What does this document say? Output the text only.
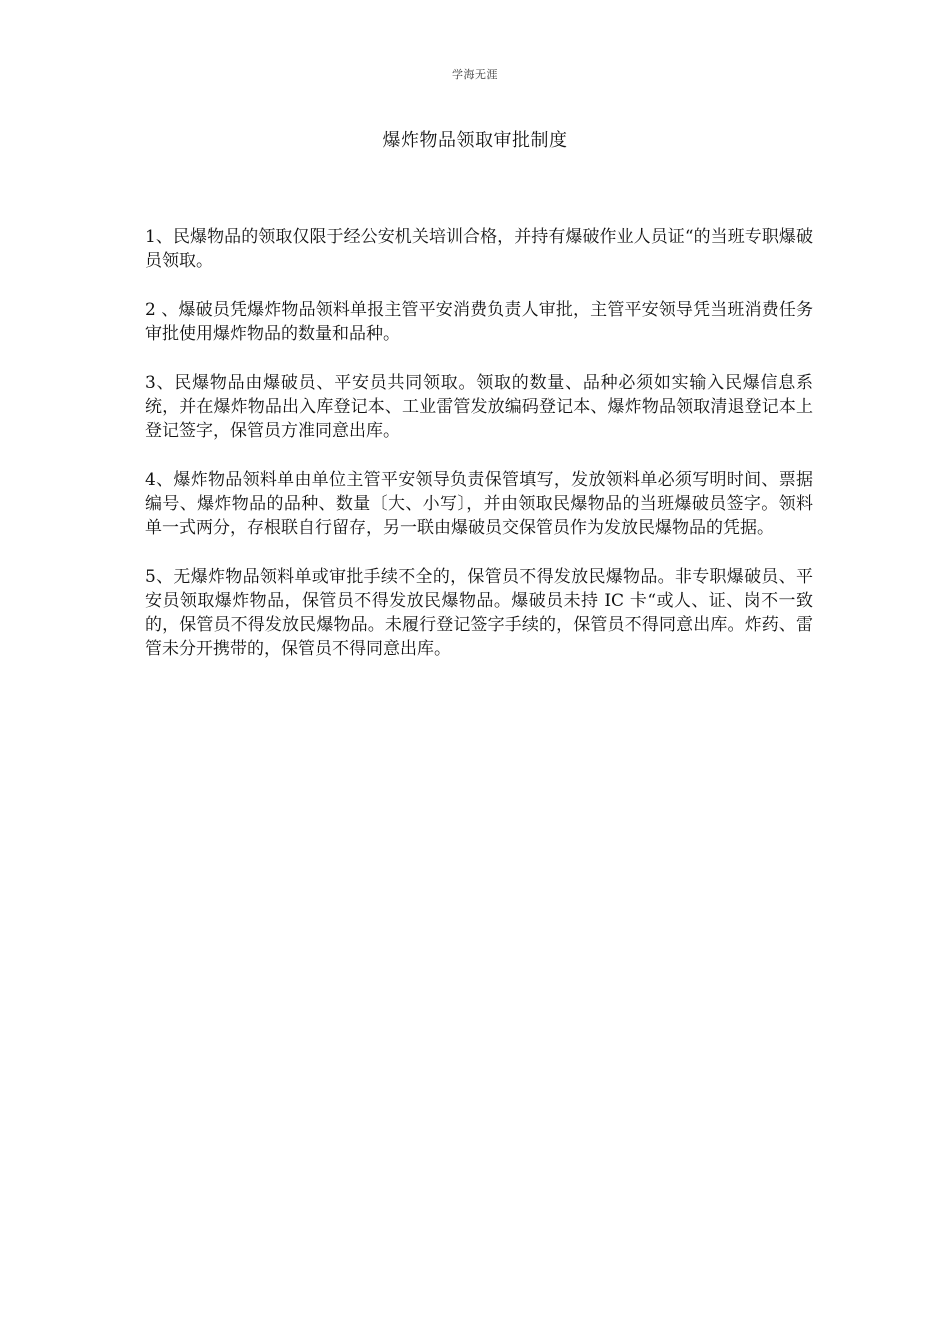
学海无涯
爆炸物品领取审批制度

1、民爆物品的领取仅限于经公安机关培训合格，并持有爆破作业人员证“的当班专职爆破员领取。

2 、爆破员凭爆炸物品领料单报主管平安消费负责人审批，主管平安领导凭当班消费任务审批使用爆炸物品的数量和品种。

3、民爆物品由爆破员、平安员共同领取。领取的数量、品种必须如实输入民爆信息系统，并在爆炸物品出入库登记本、工业雷管发放编码登记本、爆炸物品领取清退登记本上登记签字，保管员方准同意出库。

4、爆炸物品领料单由单位主管平安领导负责保管填写，发放领料单必须写明时间、票据编号、爆炸物品的品种、数量〔大、小写〕，并由领取民爆物品的当班爆破员签字。领料单一式两分，存根联自行留存，另一联由爆破员交保管员作为发放民爆物品的凭据。

5、无爆炸物品领料单或审批手续不全的，保管员不得发放民爆物品。非专职爆破员、平安员领取爆炸物品，保管员不得发放民爆物品。爆破员未持 IC 卡“或人、证、岗不一致的，保管员不得发放民爆物品。未履行登记签字手续的，保管员不得同意出库。炸药、雷管未分开携带的，保管员不得同意出库。
